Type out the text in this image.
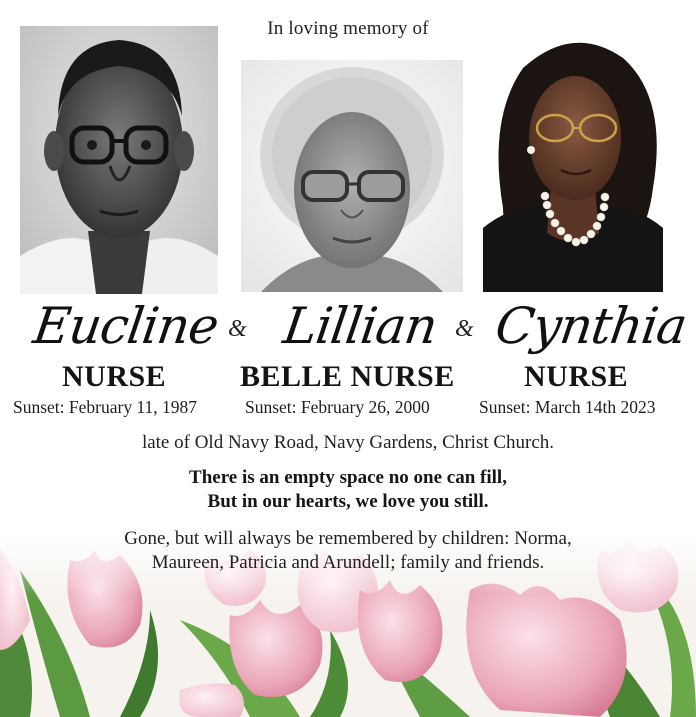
In loving memory of
Eucline & Lillian & Cynthia
NURSE BELLE NURSE NURSE
Sunset: February 11, 1987	Sunset: February 26, 2000	Sunset: March 14th 2023
late of Old Navy Road, Navy Gardens, Christ Church.
There is an empty space no one can fill,
But in our hearts, we love you still.
Gone, but will always be remembered by children: Norma,
Maureen, Patricia and Arundell; family and friends.
